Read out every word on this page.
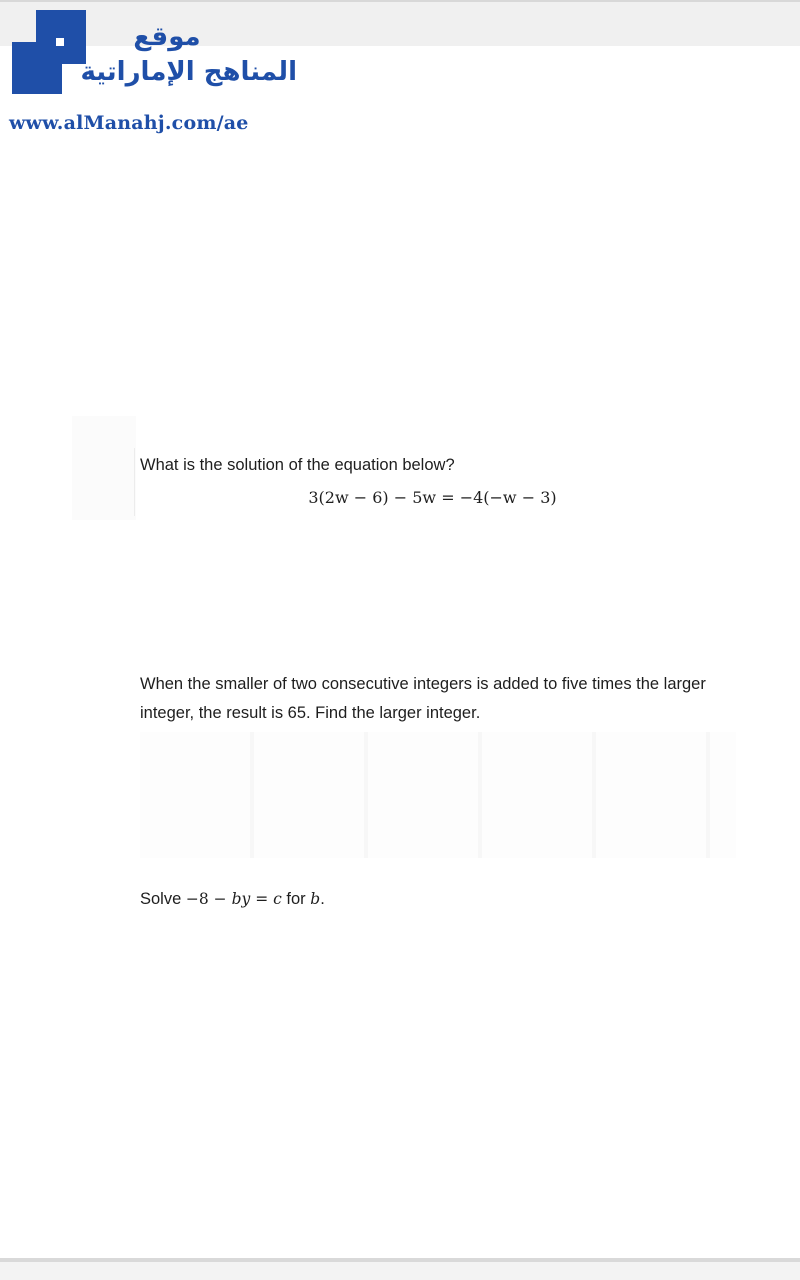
What is the solution of the equation below?
3(2w − 6) − 5w = −4(−w − 3)
When the smaller of two consecutive integers is added to five times the larger integer, the result is 65. Find the larger integer.
Solve −8 − by = c for b.
موقع
المناهج الإماراتية
www.alManahj.com/ae
